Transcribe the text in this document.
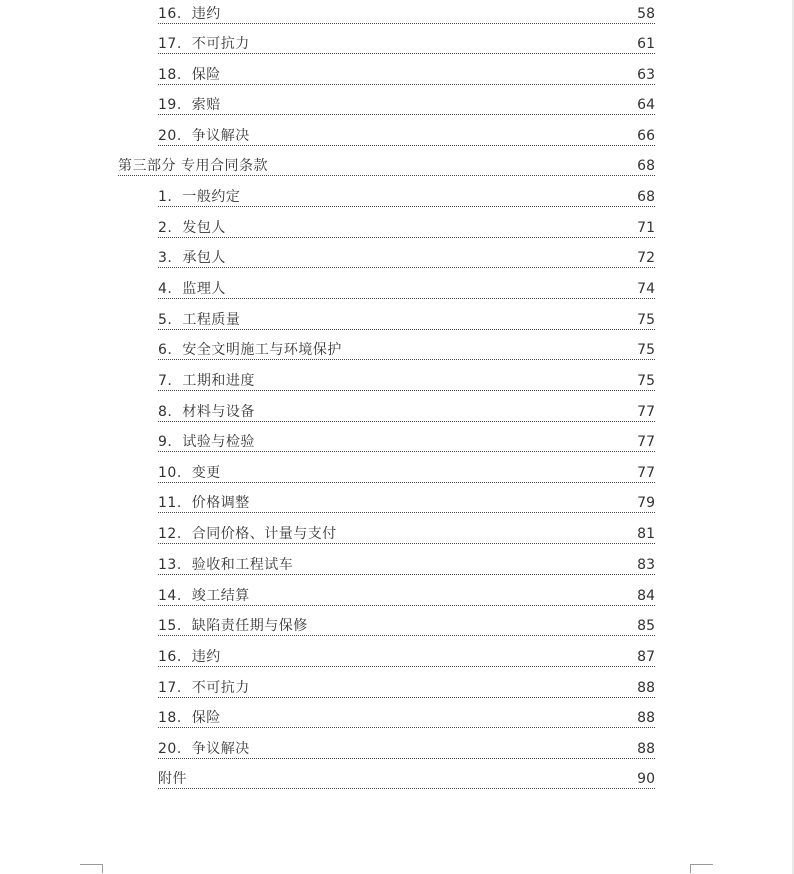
16. 违约	58
17. 不可抗力	61
18. 保险	63
19. 索赔	64
20. 争议解决	66
第三部分 专用合同条款	68
1. 一般约定	68
2. 发包人	71
3. 承包人	72
4. 监理人	74
5. 工程质量	75
6. 安全文明施工与环境保护	75
7. 工期和进度	75
8. 材料与设备	77
9. 试验与检验	77
10. 变更	77
11. 价格调整	79
12. 合同价格、计量与支付	81
13. 验收和工程试车	83
14. 竣工结算	84
15. 缺陷责任期与保修	85
16. 违约	87
17. 不可抗力	88
18. 保险	88
20. 争议解决	88
附件	90
